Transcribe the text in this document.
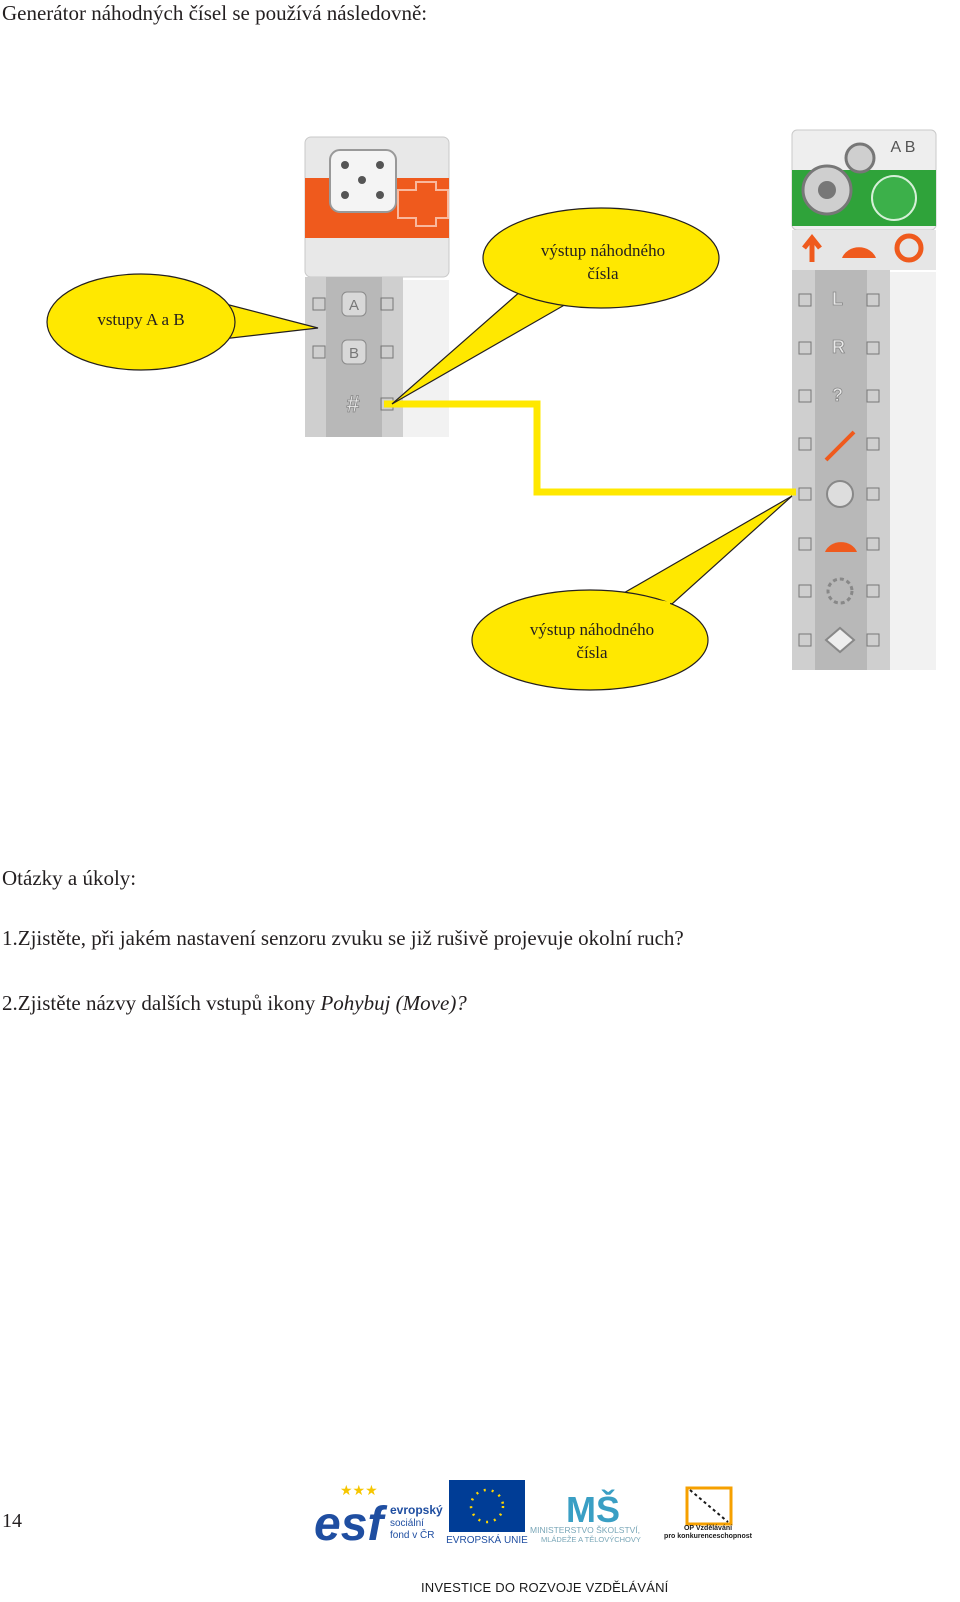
Generátor náhodných čísel se používá následovně:
A
B
#
A B
L
R
?
vstupy A a B
výstup náhodného
čísla
výstup náhodného
čísla
Otázky a úkoly:
1.Zjistěte, při jakém nastavení senzoru zvuku se již rušivě projevuje okolní ruch?
2.Zjistěte názvy dalších vstupů ikony Pohybuj (Move)?
14	esf
★★★
evropský
sociální
fond v ČR EVROPSKÁ UNIE
MŠ
MINISTERSTVO ŠKOLSTVÍ,
MLÁDEŽE A TĚLOVÝCHOVY
OP Vzdělávání
pro konkurenceschopnost
INVESTICE DO ROZVOJE VZDĚLÁVÁNÍ
